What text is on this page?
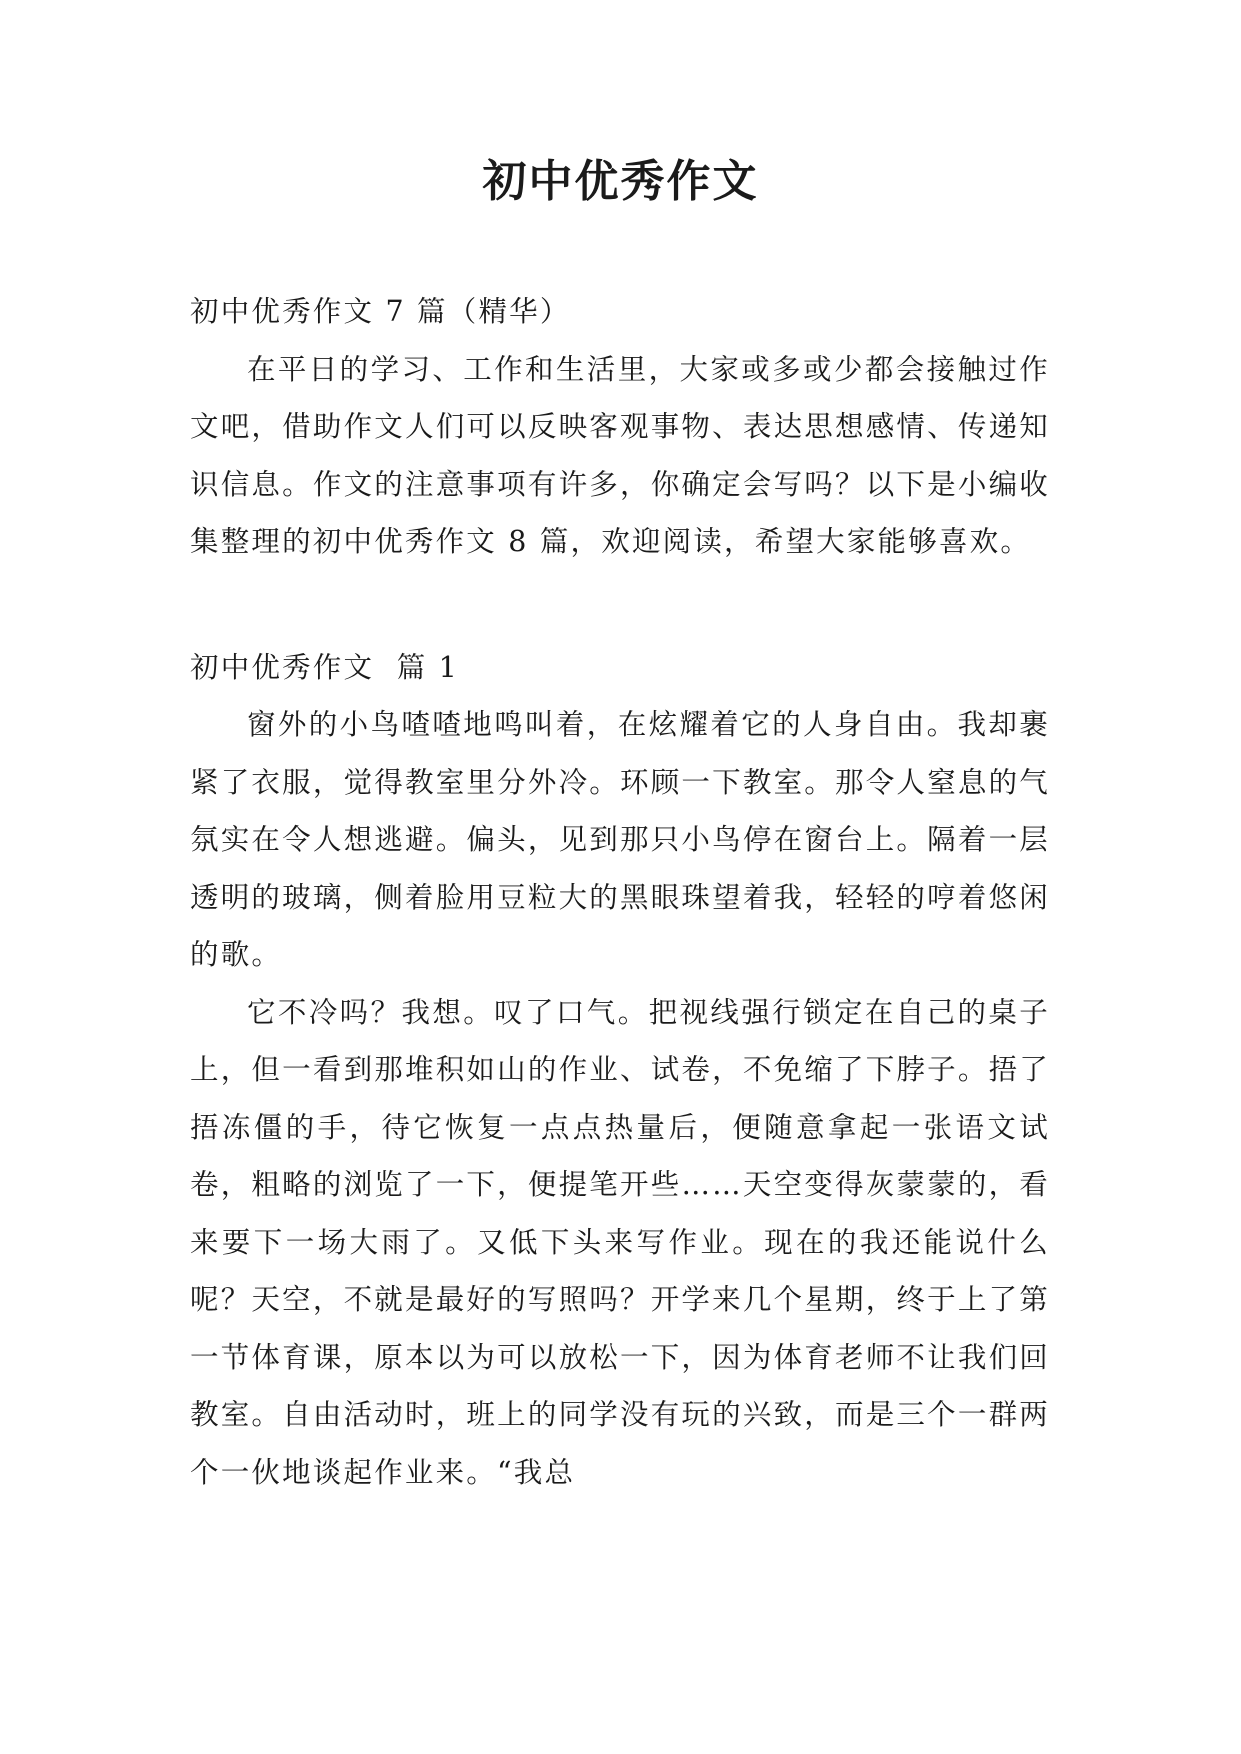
初中优秀作文

初中优秀作文 7 篇（精华）

在平日的学习、工作和生活里，大家或多或少都会接触过作文吧，借助作文人们可以反映客观事物、表达思想感情、传递知识信息。作文的注意事项有许多，你确定会写吗？以下是小编收集整理的初中优秀作文 8 篇，欢迎阅读，希望大家能够喜欢。

初中优秀作文  篇 1

窗外的小鸟喳喳地鸣叫着，在炫耀着它的人身自由。我却裹紧了衣服，觉得教室里分外冷。环顾一下教室。那令人窒息的气氛实在令人想逃避。偏头，见到那只小鸟停在窗台上。隔着一层透明的玻璃，侧着脸用豆粒大的黑眼珠望着我，轻轻的哼着悠闲的歌。

它不冷吗？我想。叹了口气。把视线强行锁定在自己的桌子上，但一看到那堆积如山的作业、试卷，不免缩了下脖子。捂了捂冻僵的手，待它恢复一点点热量后，便随意拿起一张语文试卷，粗略的浏览了一下，便提笔开些……天空变得灰蒙蒙的，看来要下一场大雨了。又低下头来写作业。现在的我还能说什么呢？天空，不就是最好的写照吗？开学来几个星期，终于上了第一节体育课，原本以为可以放松一下，因为体育老师不让我们回教室。自由活动时，班上的同学没有玩的兴致，而是三个一群两个一伙地谈起作业来。“我总
